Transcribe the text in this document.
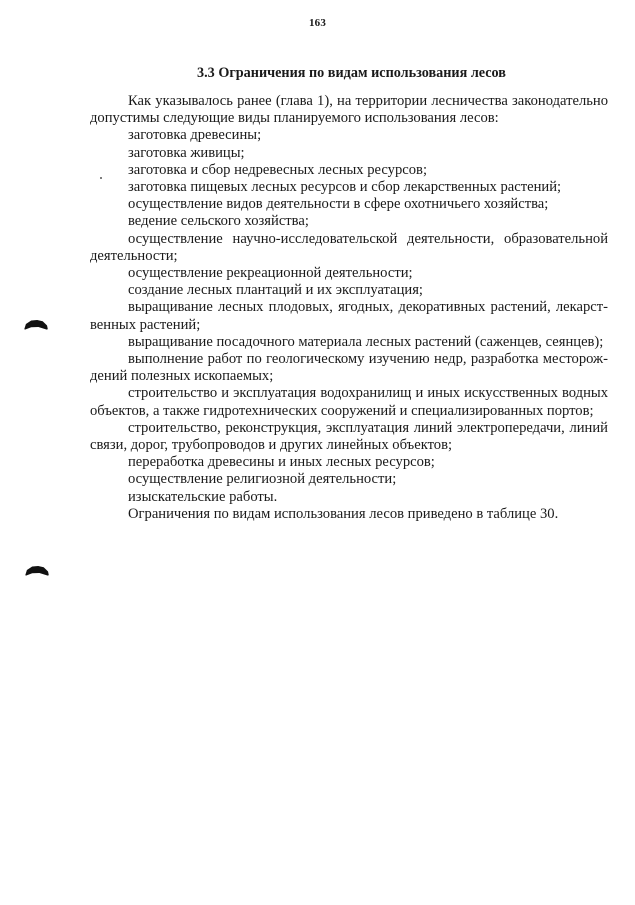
163
3.3 Ограничения по видам использования лесов

Как указывалось ранее (глава 1), на территории лесничества законодательно допустимы следующие виды планируемого использования лесов:

заготовка древесины;

заготовка живицы;

заготовка и сбор недревесных лесных ресурсов;

заготовка пищевых лесных ресурсов и сбор лекарственных растений;

осуществление видов деятельности в сфере охотничьего хозяйства;

ведение сельского хозяйства;

осуществление научно-исследовательской деятельности, образовательной деятельности;

осуществление рекреационной деятельности;

создание лесных плантаций и их эксплуатация;

выращивание лесных плодовых, ягодных, декоративных растений, лекарст-венных растений;

выращивание посадочного материала лесных растений (саженцев, сеянцев);

выполнение работ по геологическому изучению недр, разработка месторож-дений полезных ископаемых;

строительство и эксплуатация водохранилищ и иных искусственных водных объектов, а также гидротехнических сооружений и специализированных портов;

строительство, реконструкция, эксплуатация линий электропередачи, линий связи, дорог, трубопроводов и других линейных объектов;

переработка древесины и иных лесных ресурсов;

осуществление религиозной деятельности;

изыскательские работы.

Ограничения по видам использования лесов приведено в таблице 30.
